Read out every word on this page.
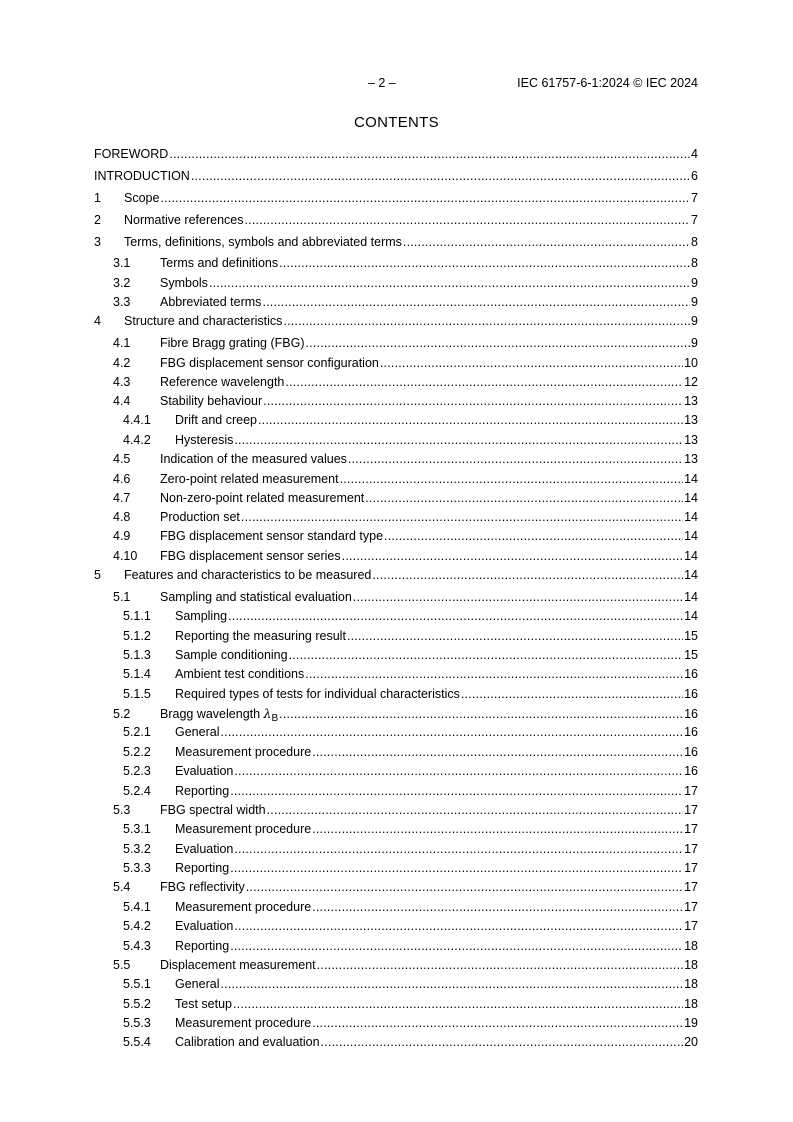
– 2 –	IEC 61757-6-1:2024 © IEC 2024
CONTENTS
FOREWORD .....	4
INTRODUCTION .....	6
1	Scope .....	7
2	Normative references .....	7
3	Terms, definitions, symbols and abbreviated terms .....	8
3.1	Terms and definitions .....	8
3.2	Symbols .....	9
3.3	Abbreviated terms .....	9
4	Structure and characteristics .....	9
4.1	Fibre Bragg grating (FBG) .....	9
4.2	FBG displacement sensor configuration .....	10
4.3	Reference wavelength .....	12
4.4	Stability behaviour .....	13
4.4.1	Drift and creep .....	13
4.4.2	Hysteresis .....	13
4.5	Indication of the measured values .....	13
4.6	Zero-point related measurement .....	14
4.7	Non-zero-point related measurement .....	14
4.8	Production set .....	14
4.9	FBG displacement sensor standard type .....	14
4.10	FBG displacement sensor series .....	14
5	Features and characteristics to be measured .....	14
5.1	Sampling and statistical evaluation .....	14
5.1.1	Sampling .....	14
5.1.2	Reporting the measuring result .....	15
5.1.3	Sample conditioning .....	15
5.1.4	Ambient test conditions .....	16
5.1.5	Required types of tests for individual characteristics .....	16
5.2	Bragg wavelength $\lambda_B$ .....	16
5.2.1	General .....	16
5.2.2	Measurement procedure .....	16
5.2.3	Evaluation .....	16
5.2.4	Reporting .....	17
5.3	FBG spectral width .....	17
5.3.1	Measurement procedure .....	17
5.3.2	Evaluation .....	17
5.3.3	Reporting .....	17
5.4	FBG reflectivity .....	17
5.4.1	Measurement procedure .....	17
5.4.2	Evaluation .....	17
5.4.3	Reporting .....	18
5.5	Displacement measurement .....	18
5.5.1	General .....	18
5.5.2	Test setup .....	18
5.5.3	Measurement procedure .....	19
5.5.4	Calibration and evaluation .....	20
